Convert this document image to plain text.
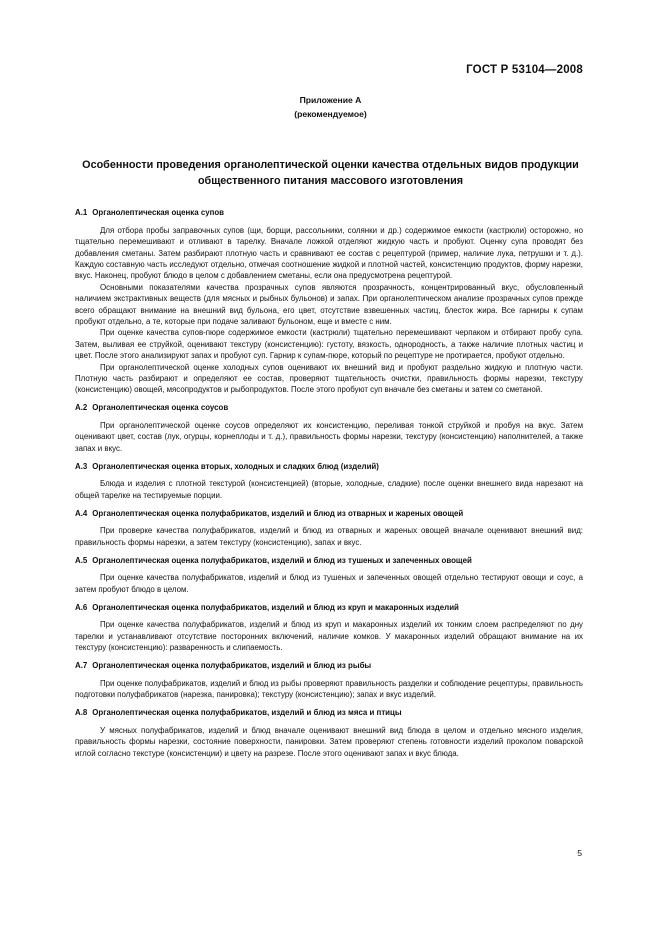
ГОСТ Р 53104—2008
Приложение А
(рекомендуемое)
Особенности проведения органолептической оценки качества отдельных видов продукции
общественного питания массового изготовления
А.1 Органолептическая оценка супов

Для отбора пробы заправочных супов (щи, борщи, рассольники, солянки и др.) содержимое емкости (кастрюли) осторожно, но тщательно перемешивают и отливают в тарелку. Вначале ложкой отделяют жидкую часть и пробуют. Оценку супа проводят без добавления сметаны. Затем разбирают плотную часть и сравнивают ее состав с рецептурой (пример, наличие лука, петрушки и т. д.). Каждую составную часть исследуют отдельно, отмечая соотношение жидкой и плотной частей, консистенцию продуктов, форму нарезки, вкус. Наконец, пробуют блюдо в целом с добавлением сметаны, если она предусмотрена рецептурой.

Основными показателями качества прозрачных супов являются прозрачность, концентрированный вкус, обусловленный наличием экстрактивных веществ (для мясных и рыбных бульонов) и запах. При органолептическом анализе прозрачных супов прежде всего обращают внимание на внешний вид бульона, его цвет, отсутствие взвешенных частиц, блесток жира. Все гарниры к супам пробуют отдельно, а те, которые при подаче заливают бульоном, еще и вместе с ним.

При оценке качества супов-пюре содержимое емкости (кастрюли) тщательно перемешивают черпаком и отбирают пробу супа. Затем, выливая ее струйкой, оценивают текстуру (консистенцию): густоту, вязкость, однородность, а также наличие плотных частиц и цвет. После этого анализируют запах и пробуют суп. Гарнир к супам-пюре, который по рецептуре не протирается, пробуют отдельно.

При органолептической оценке холодных супов оценивают их внешний вид и пробуют раздельно жидкую и плотную части. Плотную часть разбирают и определяют ее состав, проверяют тщательность очистки, правильность формы нарезки, текстуру (консистенцию) овощей, мясопродуктов и рыбопродуктов. После этого пробуют суп вначале без сметаны и затем со сметаной.

А.2 Органолептическая оценка соусов

При органолептической оценке соусов определяют их консистенцию, переливая тонкой струйкой и пробуя на вкус. Затем оценивают цвет, состав (лук, огурцы, корнеплоды и т. д.), правильность формы нарезки, текстуру (консистенцию) наполнителей, а также запах и вкус.

А.3 Органолептическая оценка вторых, холодных и сладких блюд (изделий)

Блюда и изделия с плотной текстурой (консистенцией) (вторые, холодные, сладкие) после оценки внешнего вида нарезают на общей тарелке на тестируемые порции.

А.4 Органолептическая оценка полуфабрикатов, изделий и блюд из отварных и жареных овощей

При проверке качества полуфабрикатов, изделий и блюд из отварных и жареных овощей вначале оценивают внешний вид: правильность формы нарезки, а затем текстуру (консистенцию), запах и вкус.

А.5 Органолептическая оценка полуфабрикатов, изделий и блюд из тушеных и запеченных овощей

При оценке качества полуфабрикатов, изделий и блюд из тушеных и запеченных овощей отдельно тестируют овощи и соус, а затем пробуют блюдо в целом.

А.6 Органолептическая оценка полуфабрикатов, изделий и блюд из круп и макаронных изделий

При оценке качества полуфабрикатов, изделий и блюд из круп и макаронных изделий их тонким слоем распределяют по дну тарелки и устанавливают отсутствие посторонних включений, наличие комков. У макаронных изделий обращают внимание на их текстуру (консистенцию): разваренность и слипаемость.

А.7 Органолептическая оценка полуфабрикатов, изделий и блюд из рыбы

При оценке полуфабрикатов, изделий и блюд из рыбы проверяют правильность разделки и соблюдение рецептуры, правильность подготовки полуфабрикатов (нарезка, панировка); текстуру (консистенцию); запах и вкус изделий.

А.8 Органолептическая оценка полуфабрикатов, изделий и блюд из мяса и птицы

У мясных полуфабрикатов, изделий и блюд вначале оценивают внешний вид блюда в целом и отдельно мясного изделия, правильность формы нарезки, состояние поверхности, панировки. Затем проверяют степень готовности изделий проколом поварской иглой согласно текстуре (консистенции) и цвету на разрезе. После этого оценивают запах и вкус блюда.

5
